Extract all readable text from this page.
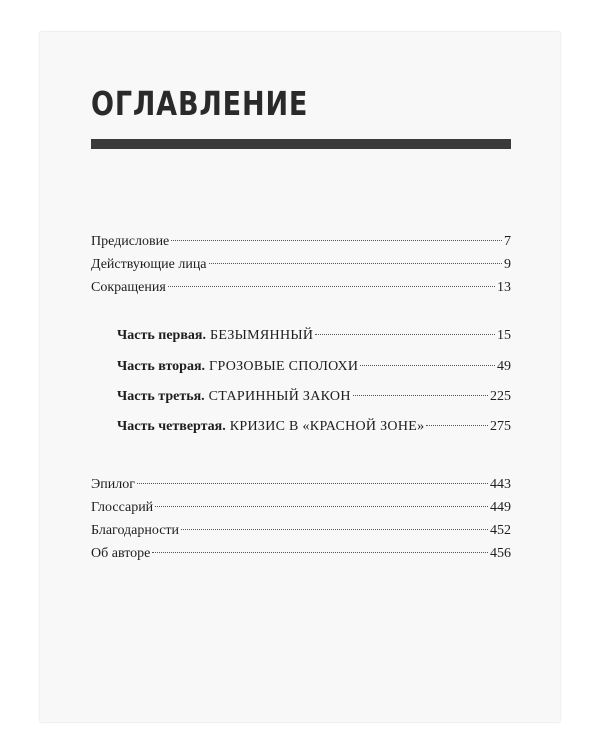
ОГЛАВЛЕНИЕ
Предисловие	7
Действующие лица	9
Сокращения	13
Часть первая. БЕЗЫМЯННЫЙ	15
Часть вторая. ГРОЗОВЫЕ СПОЛОХИ	49
Часть третья. СТАРИННЫЙ ЗАКОН	225
Часть четвертая. КРИЗИС В «КРАСНОЙ ЗОНЕ»	275
Эпилог	443
Глоссарий	449
Благодарности	452
Об авторе	456
